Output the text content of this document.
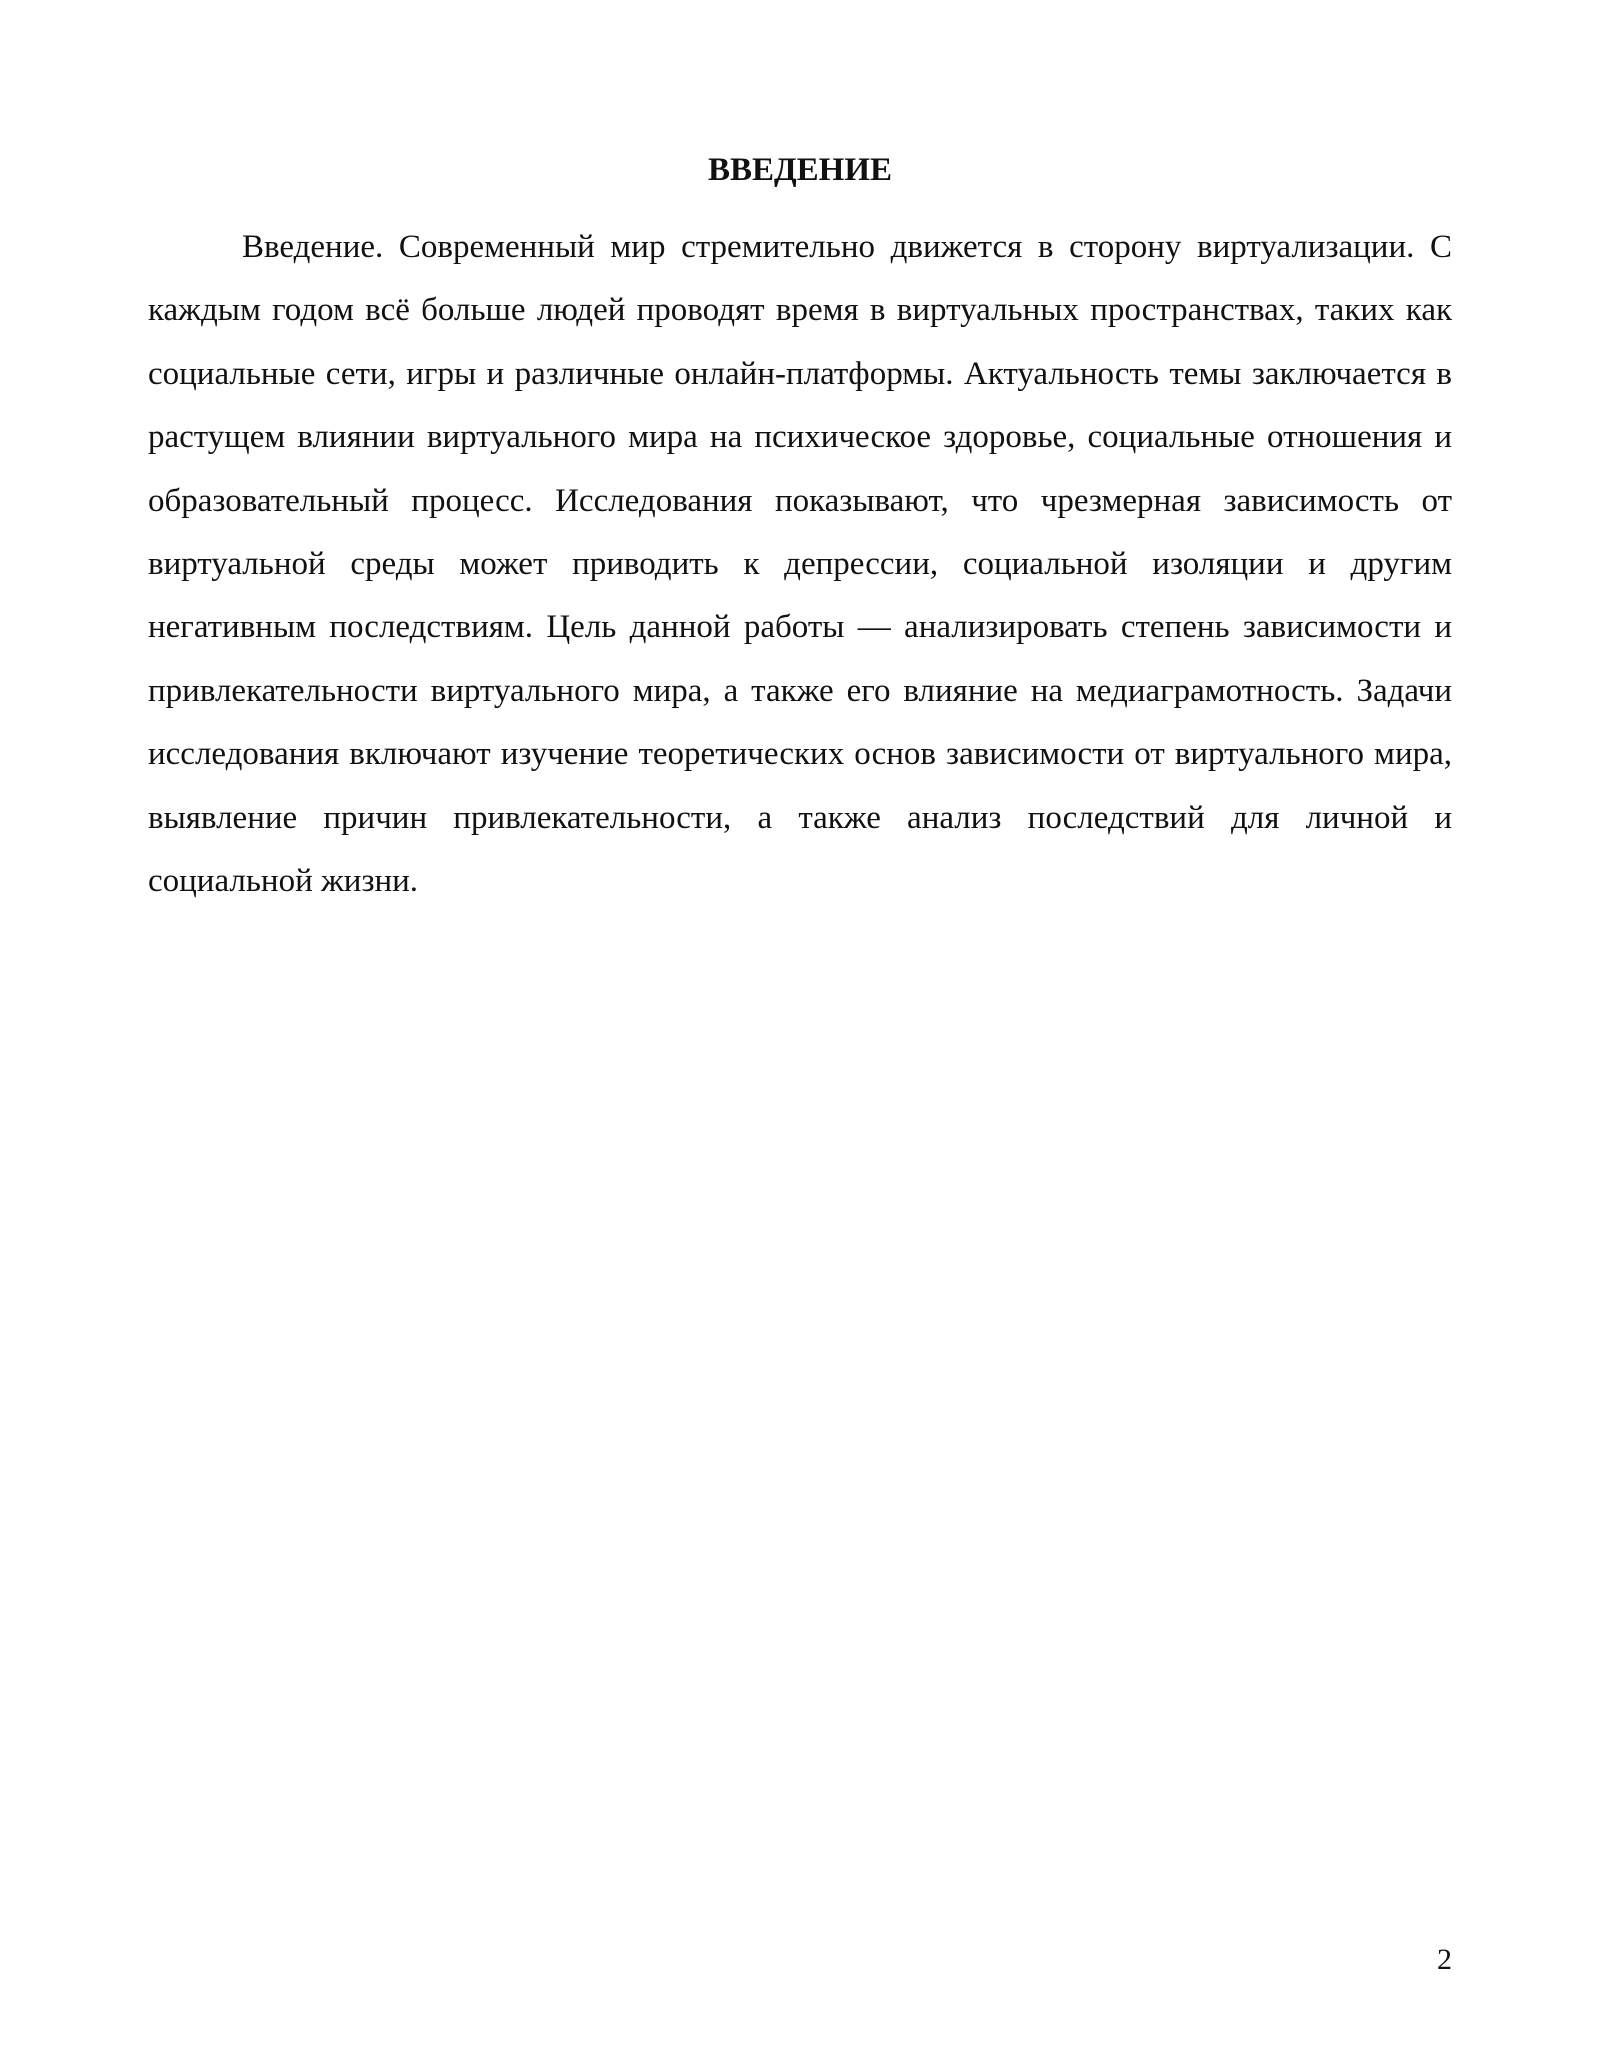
ВВЕДЕНИЕ

Введение. Современный мир стремительно движется в сторону виртуализации. С каждым годом всё больше людей проводят время в виртуальных пространствах, таких как социальные сети, игры и различные онлайн-платформы. Актуальность темы заключается в растущем влиянии виртуального мира на психическое здоровье, социальные отношения и образовательный процесс. Исследования показывают, что чрезмерная зависимость от виртуальной среды может приводить к депрессии, социальной изоляции и другим негативным последствиям. Цель данной работы — анализировать степень зависимости и привлекательности виртуального мира, а также его влияние на медиаграмотность. Задачи исследования включают изучение теоретических основ зависимости от виртуального мира, выявление причин привлекательности, а также анализ последствий для личной и социальной жизни.

2
